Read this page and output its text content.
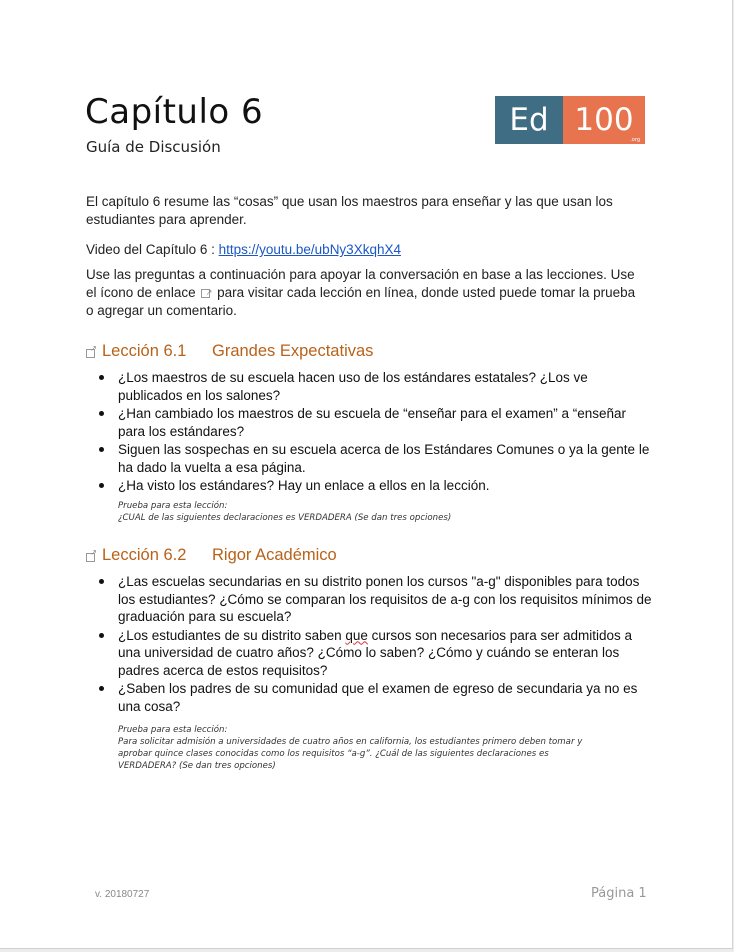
Capítulo 6
Guía de Discusión
Ed 100
.org
El capítulo 6 resume las “cosas” que usan los maestros para enseñar y las que usan los estudiantes para aprender.
Video del Capítulo 6 : https://youtu.be/ubNy3XkqhX4
Use las preguntas a continuación para apoyar la conversación en base a las lecciones. Use el ícono de enlace ↗ para visitar cada lección en línea, donde usted puede tomar la prueba o agregar un comentario.
↗ Lección 6.1	Grandes Expectativas
¿Los maestros de su escuela hacen uso de los estándares estatales? ¿Los ve publicados en los salones?
¿Han cambiado los maestros de su escuela de “enseñar para el examen” a “enseñar para los estándares?
Siguen las sospechas en su escuela acerca de los Estándares Comunes o ya la gente le ha dado la vuelta a esa página.
¿Ha visto los estándares? Hay un enlace a ellos en la lección.
Prueba para esta lección:
¿CUAL de las siguientes declaraciones es VERDADERA (Se dan tres opciones)
↗ Lección 6.2	Rigor Académico
¿Las escuelas secundarias en su distrito ponen los cursos "a-g" disponibles para todos los estudiantes? ¿Cómo se comparan los requisitos de a-g con los requisitos mínimos de graduación para su escuela?
¿Los estudiantes de su distrito saben que cursos son necesarios para ser admitidos a una universidad de cuatro años? ¿Cómo lo saben? ¿Cómo y cuándo se enteran los padres acerca de estos requisitos?
¿Saben los padres de su comunidad que el examen de egreso de secundaria ya no es una cosa?
Prueba para esta lección:
Para solicitar admisión a universidades de cuatro años en california, los estudiantes primero deben tomar y aprobar quince clases conocidas como los requisitos “a-g”. ¿Cuál de las siguientes declaraciones es VERDADERA? (Se dan tres opciones)
v. 20180727	Página 1
